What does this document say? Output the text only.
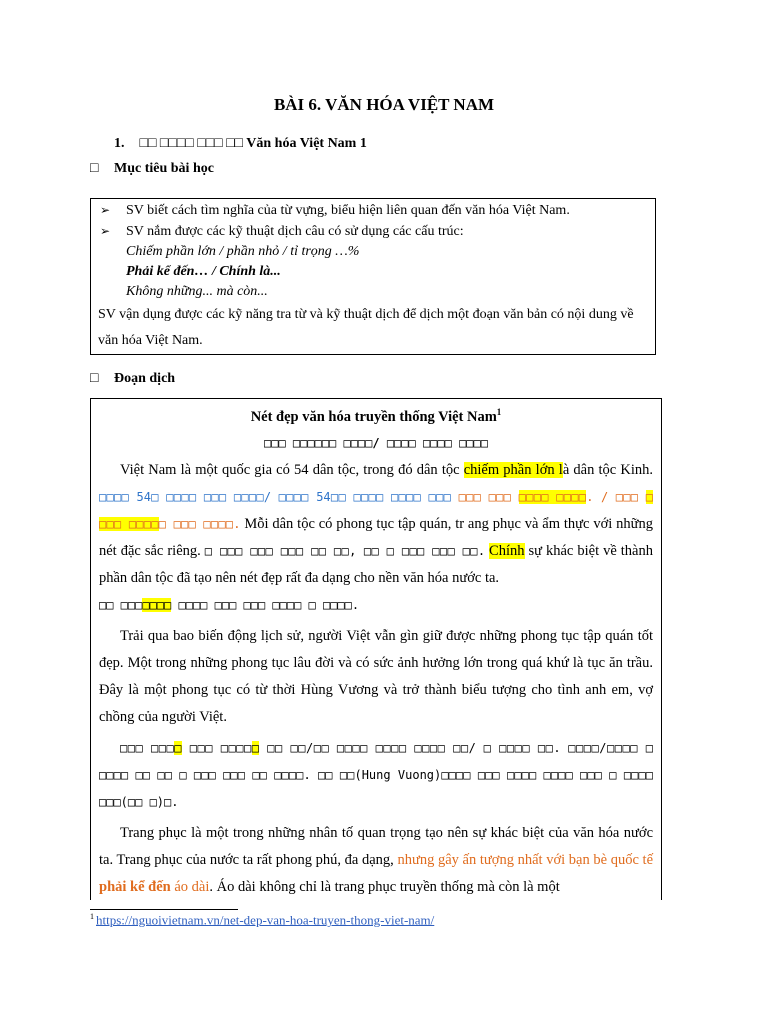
BÀI 6. VĂN HÓA VIỆT NAM
1. □□ □□□□ □□□ □□ Văn hóa Việt Nam 1
□ Mục tiêu bài học
➢	SV biết cách tìm nghĩa của từ vựng, biểu hiện liên quan đến văn hóa Việt Nam.
➢	SV nắm được các kỹ thuật dịch câu có sử dụng các cấu trúc:
Chiếm phần lớn / phần nhỏ / tỉ trọng …%
Phải kể đến… / Chính là...
Không những... mà còn...
SV vận dụng được các kỹ năng tra từ và kỹ thuật dịch để dịch một đoạn văn bản có nội dung về văn hóa Việt Nam.
□ Đoạn dịch
Nét đẹp văn hóa truyền thống Việt Nam$^1$
□□□ □□□□□□ □□□□/ □□□□ □□□□ □□□□

Việt Nam là một quốc gia có 54 dân tộc, trong đó dân tộc chiếm phần lớn là dân tộc Kinh. □□□□ 54□ □□□□ □□□ □□□□/ □□□□ 54□□ □□□□ □□□□ □□□ □□□ □□□ □□□□ □□□□. / □□□ □ □□□ □□□□□ □□□ □□□□. Mỗi dân tộc có phong tục tập quán, tr ang phục và ẩm thực với những nét đặc sắc riêng. □ □□□ □□□ □□□ □□ □□, □□ □ □□□ □□□ □□. Chính sự khác biệt về thành phần dân tộc đã tạo nên nét đẹp rất đa dạng cho nền văn hóa nước ta.

□□ □□□□□□□ □□□□ □□□ □□□ □□□□ □ □□□□.

Trải qua bao biến động lịch sử, người Việt vẫn gìn giữ được những phong tục tập quán tốt đẹp. Một trong những phong tục lâu đời và có sức ảnh hưởng lớn trong quá khứ là tục ăn trầu. Đây là một phong tục có từ thời Hùng Vương và trở thành biểu tượng cho tình anh em, vợ chồng của người Việt.

□□□ □□□□ □□□ □□□□□ □□ □□/□□ □□□□ □□□□ □□□□ □□/ □ □□□□ □□. □□□□/□□□□ □ □□□□ □□ □□ □ □□□ □□□ □□ □□□□. □□ □□(Hung Vuong)□□□□ □□□ □□□□ □□□□ □□□ □ □□□□ □□□(□□ □)□.

Trang phục là một trong những nhân tố quan trọng tạo nên sự khác biệt của văn hóa nước ta. Trang phục của nước ta rất phong phú, đa dạng, nhưng gây ấn tượng nhất với bạn bè quốc tế phải kể đến áo dài. Áo dài không chỉ là trang phục truyền thống mà còn là một

$^1$ https://nguoivietnam.vn/net-dep-van-hoa-truyen-thong-viet-nam/
